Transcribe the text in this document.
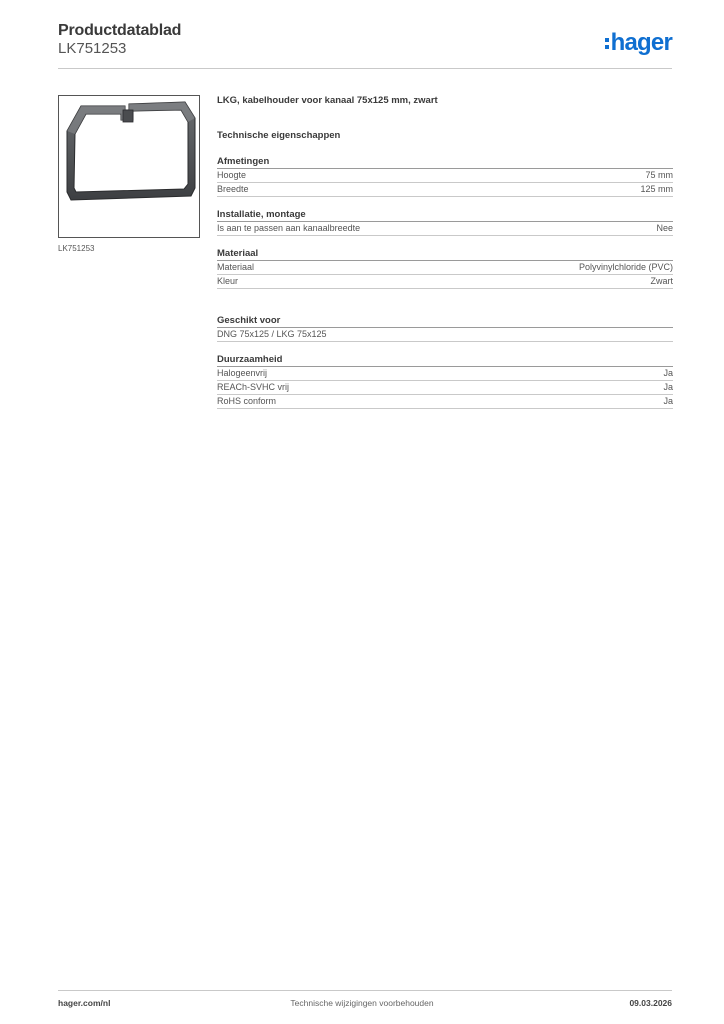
Productdatablad
LK751253	hager
LK751253
LKG, kabelhouder voor kanaal 75x125 mm, zwart
Technische eigenschappen
Afmetingen
Hoogte	75 mm
Breedte	125 mm
Installatie, montage
Is aan te passen aan kanaalbreedte	Nee
Materiaal
Materiaal	Polyvinylchloride (PVC)
Kleur	Zwart
Geschikt voor
DNG 75x125 / LKG 75x125
Duurzaamheid
Halogeenvrij	Ja
REACh-SVHC vrij	Ja
RoHS conform	Ja
hager.com/nl	Technische wijzigingen voorbehouden	09.03.2026
